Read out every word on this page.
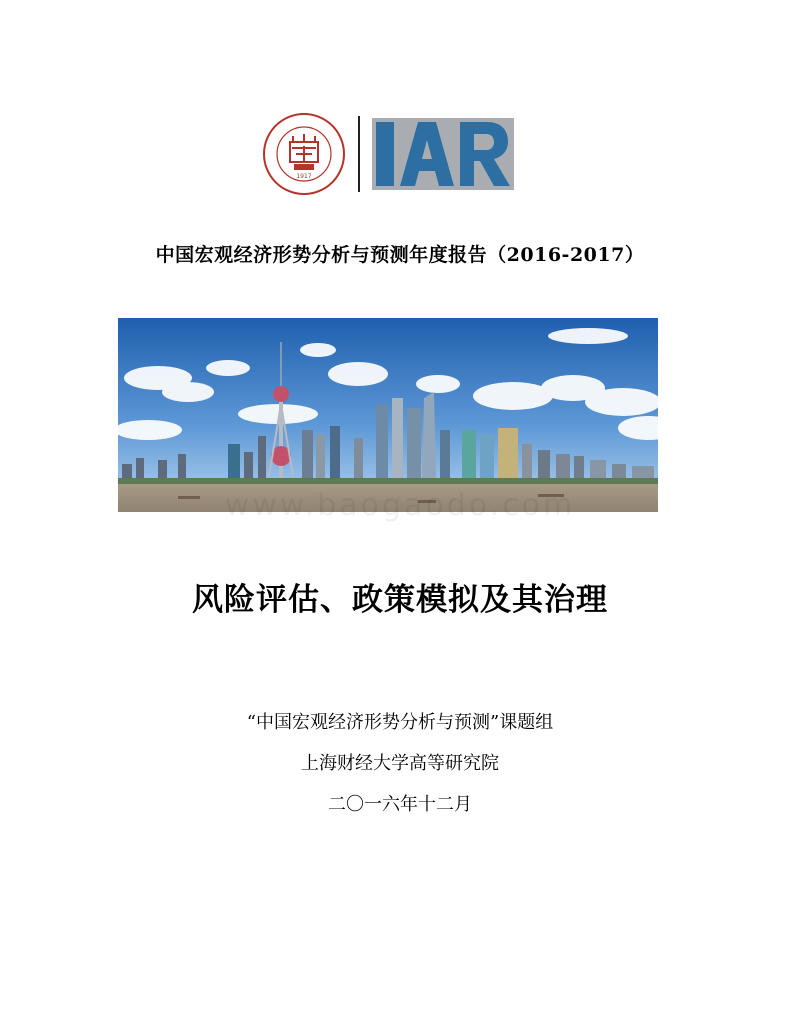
1917
中国宏观经济形势分析与预测年度报告（2016-2017）
www.baogaodo.com
风险评估、政策模拟及其治理
“中国宏观经济形势分析与预测”课题组
上海财经大学高等研究院
二〇一六年十二月
